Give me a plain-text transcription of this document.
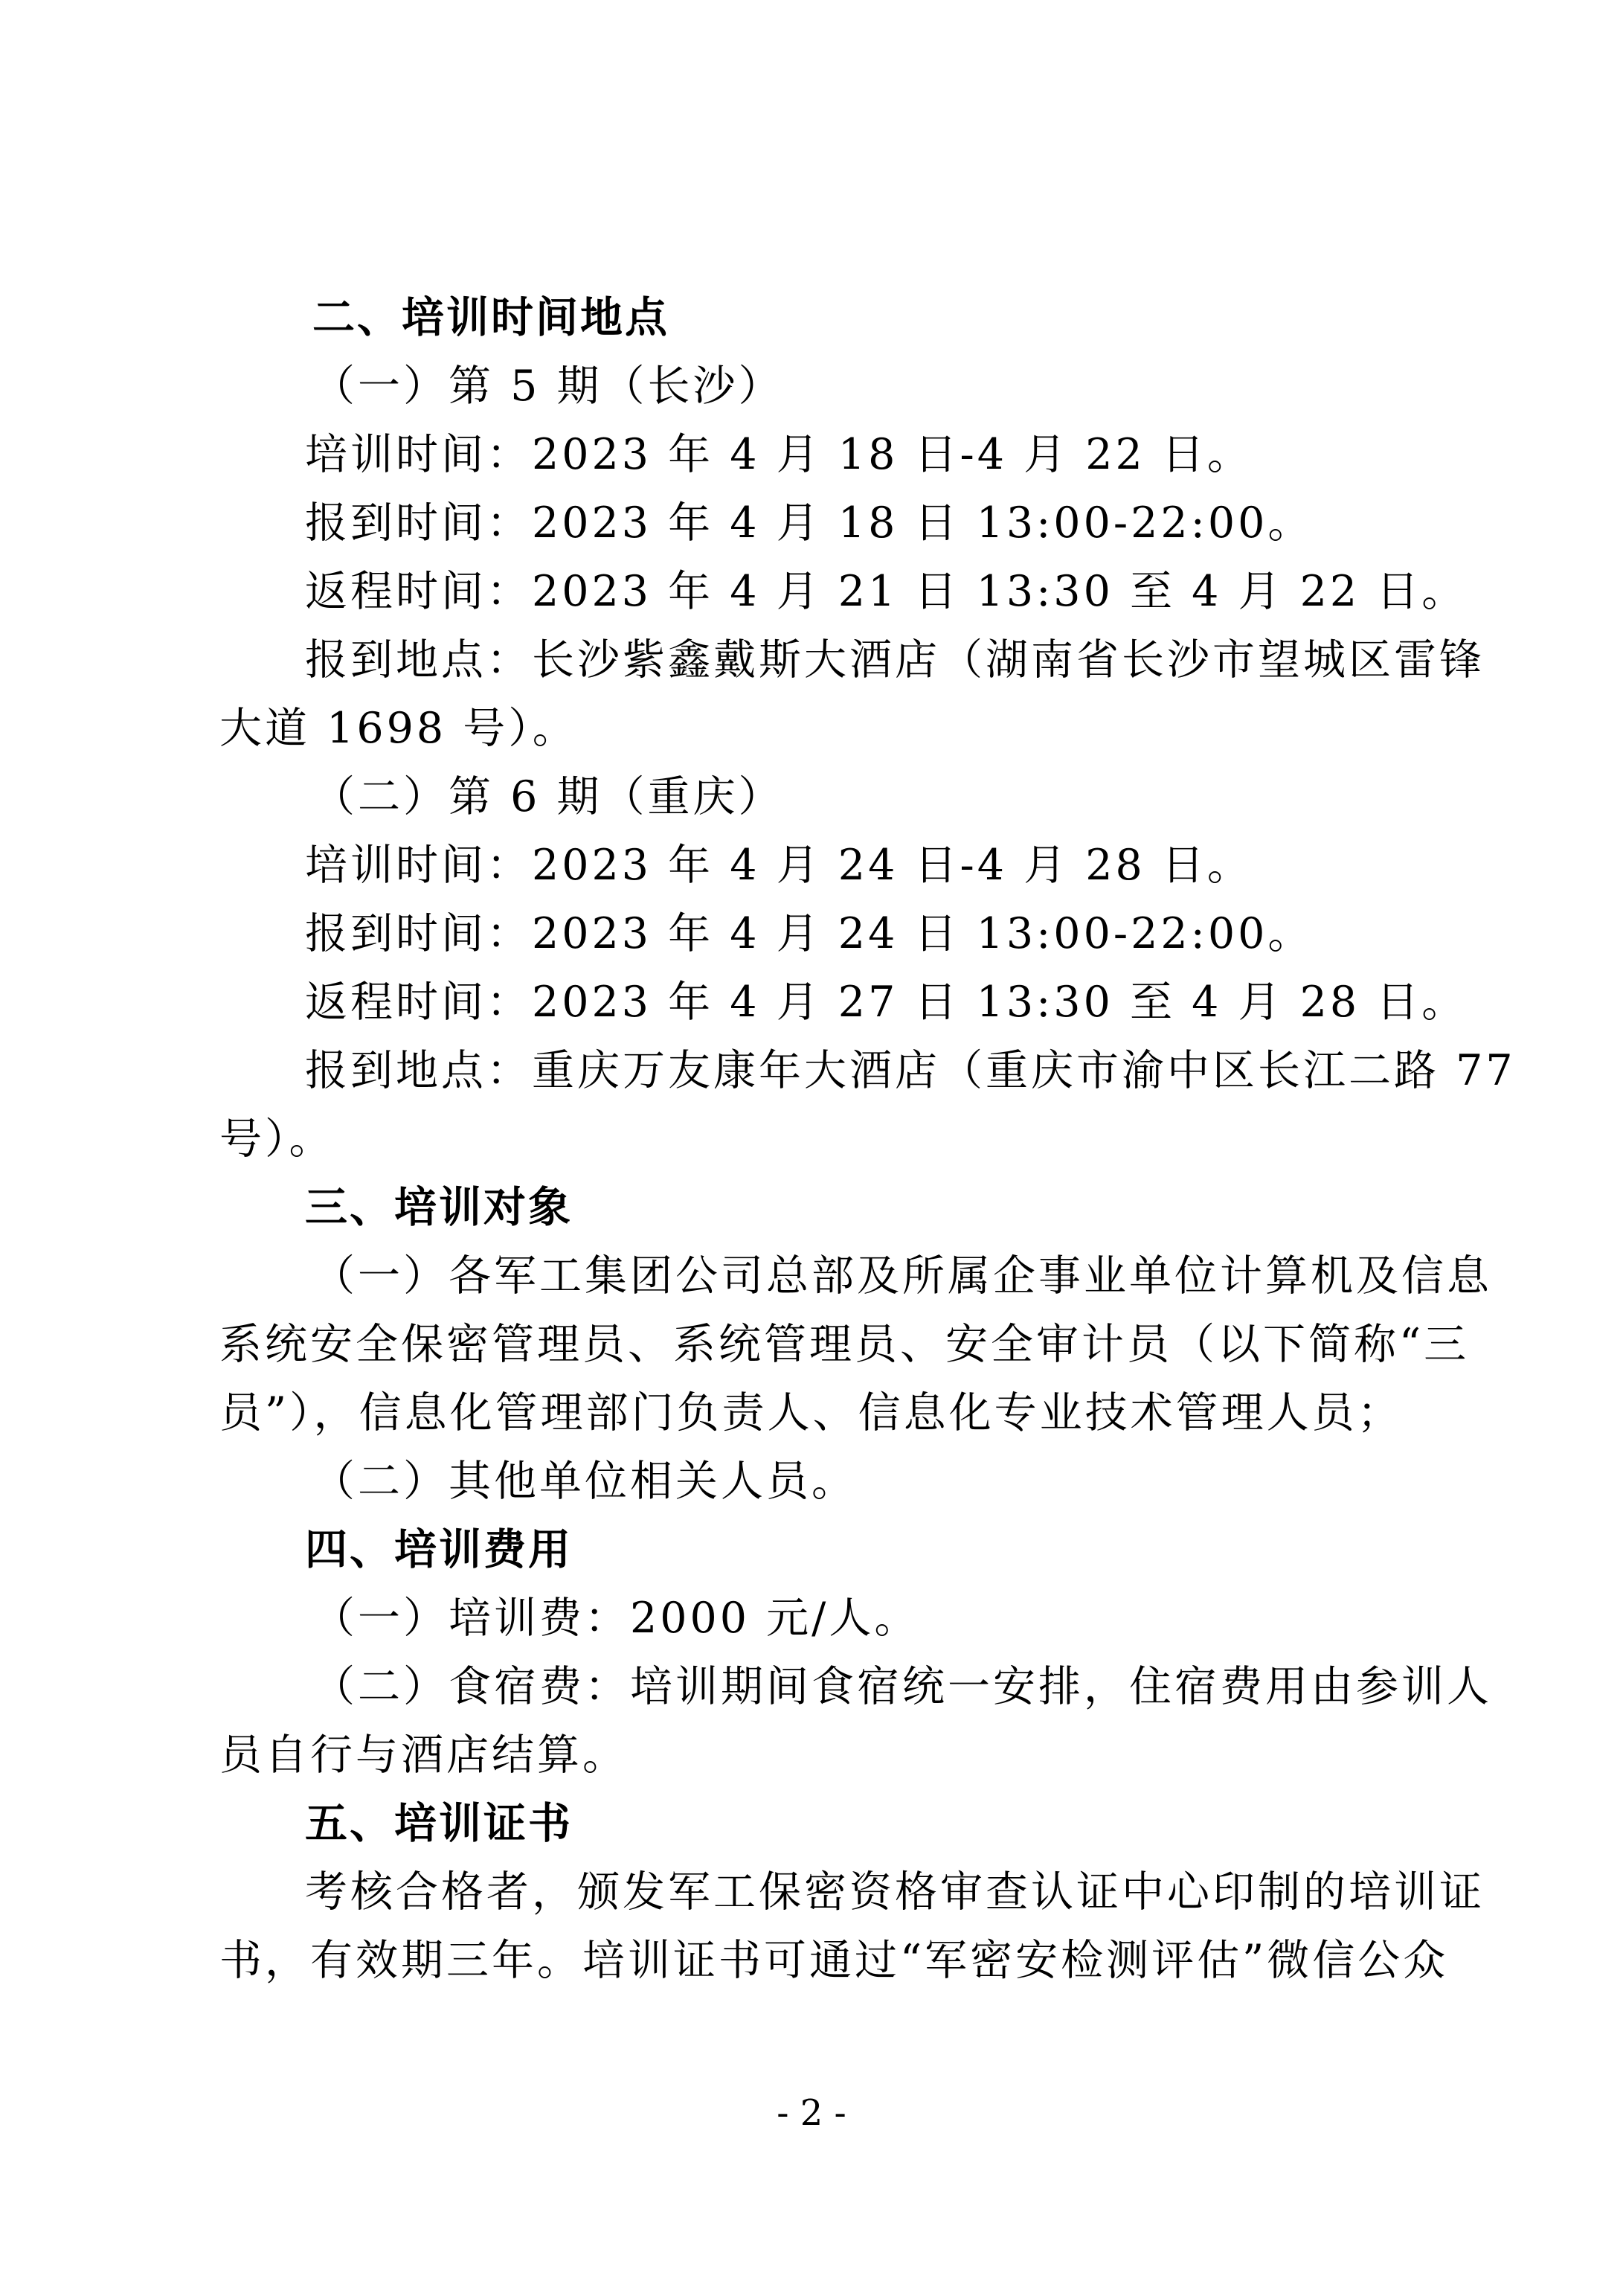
二、培训时间地点
（一）第 5 期（长沙）
培训时间：2023 年 4 月 18 日-4 月 22 日。
报到时间：2023 年 4 月 18 日 13:00-22:00。
返程时间：2023 年 4 月 21 日 13:30 至 4 月 22 日。
报到地点：长沙紫鑫戴斯大酒店（湖南省长沙市望城区雷锋
大道 1698 号）。
（二）第 6 期（重庆）
培训时间：2023 年 4 月 24 日-4 月 28 日。
报到时间：2023 年 4 月 24 日 13:00-22:00。
返程时间：2023 年 4 月 27 日 13:30 至 4 月 28 日。
报到地点：重庆万友康年大酒店（重庆市渝中区长江二路 77
号）。
三、培训对象
（一）各军工集团公司总部及所属企事业单位计算机及信息
系统安全保密管理员、系统管理员、安全审计员（以下简称“三
员”），信息化管理部门负责人、信息化专业技术管理人员；
（二）其他单位相关人员。
四、培训费用
（一）培训费：2000 元/人。
（二）食宿费：培训期间食宿统一安排，住宿费用由参训人
员自行与酒店结算。
五、培训证书
考核合格者，颁发军工保密资格审查认证中心印制的培训证
书，有效期三年。培训证书可通过“军密安检测评估”微信公众
- 2 -
